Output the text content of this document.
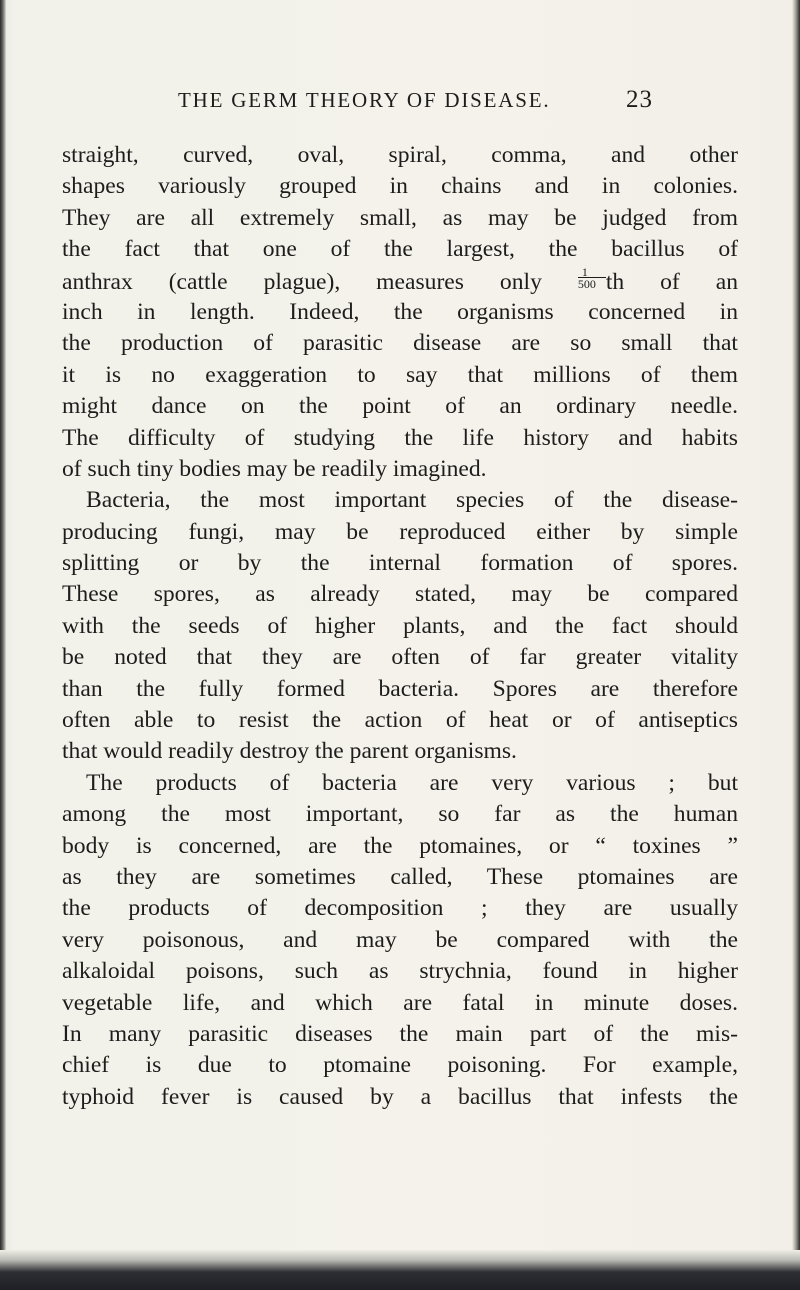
THE GERM THEORY OF DISEASE.	23
straight, curved, oval, spiral, comma, and other
shapes variously grouped in chains and in colonies.
They are all extremely small, as may be judged from
the fact that one of the largest, the bacillus of
anthrax (cattle plague), measures only	$\frac{1}{500}$ th of an
inch in length. Indeed, the organisms concerned in
the production of parasitic disease are so small that
it is no exaggeration to say that millions of them
might dance on the point of an ordinary needle.
The difficulty of studying the life history and habits
of such tiny bodies may be readily imagined.
Bacteria, the most important species of the disease-
producing fungi, may be reproduced either by simple
splitting or by the internal formation of spores.
These spores, as already stated, may be compared
with the seeds of higher plants, and the fact should
be noted that they are often of far greater vitality
than the fully formed bacteria. Spores are therefore
often able to resist the action of heat or of antiseptics
that would readily destroy the parent organisms.
The products of bacteria are very various ; but
among the most important, so far as the human
body is concerned, are the ptomaines, or “ toxines ”
as they are sometimes called, These ptomaines are
the products of decomposition ; they are usually
very poisonous, and may be compared with the
alkaloidal poisons, such as strychnia, found in higher
vegetable life, and which are fatal in minute doses.
In many parasitic diseases the main part of the mis-
chief is due to ptomaine poisoning. For example,
typhoid fever is caused by a bacillus that infests the
